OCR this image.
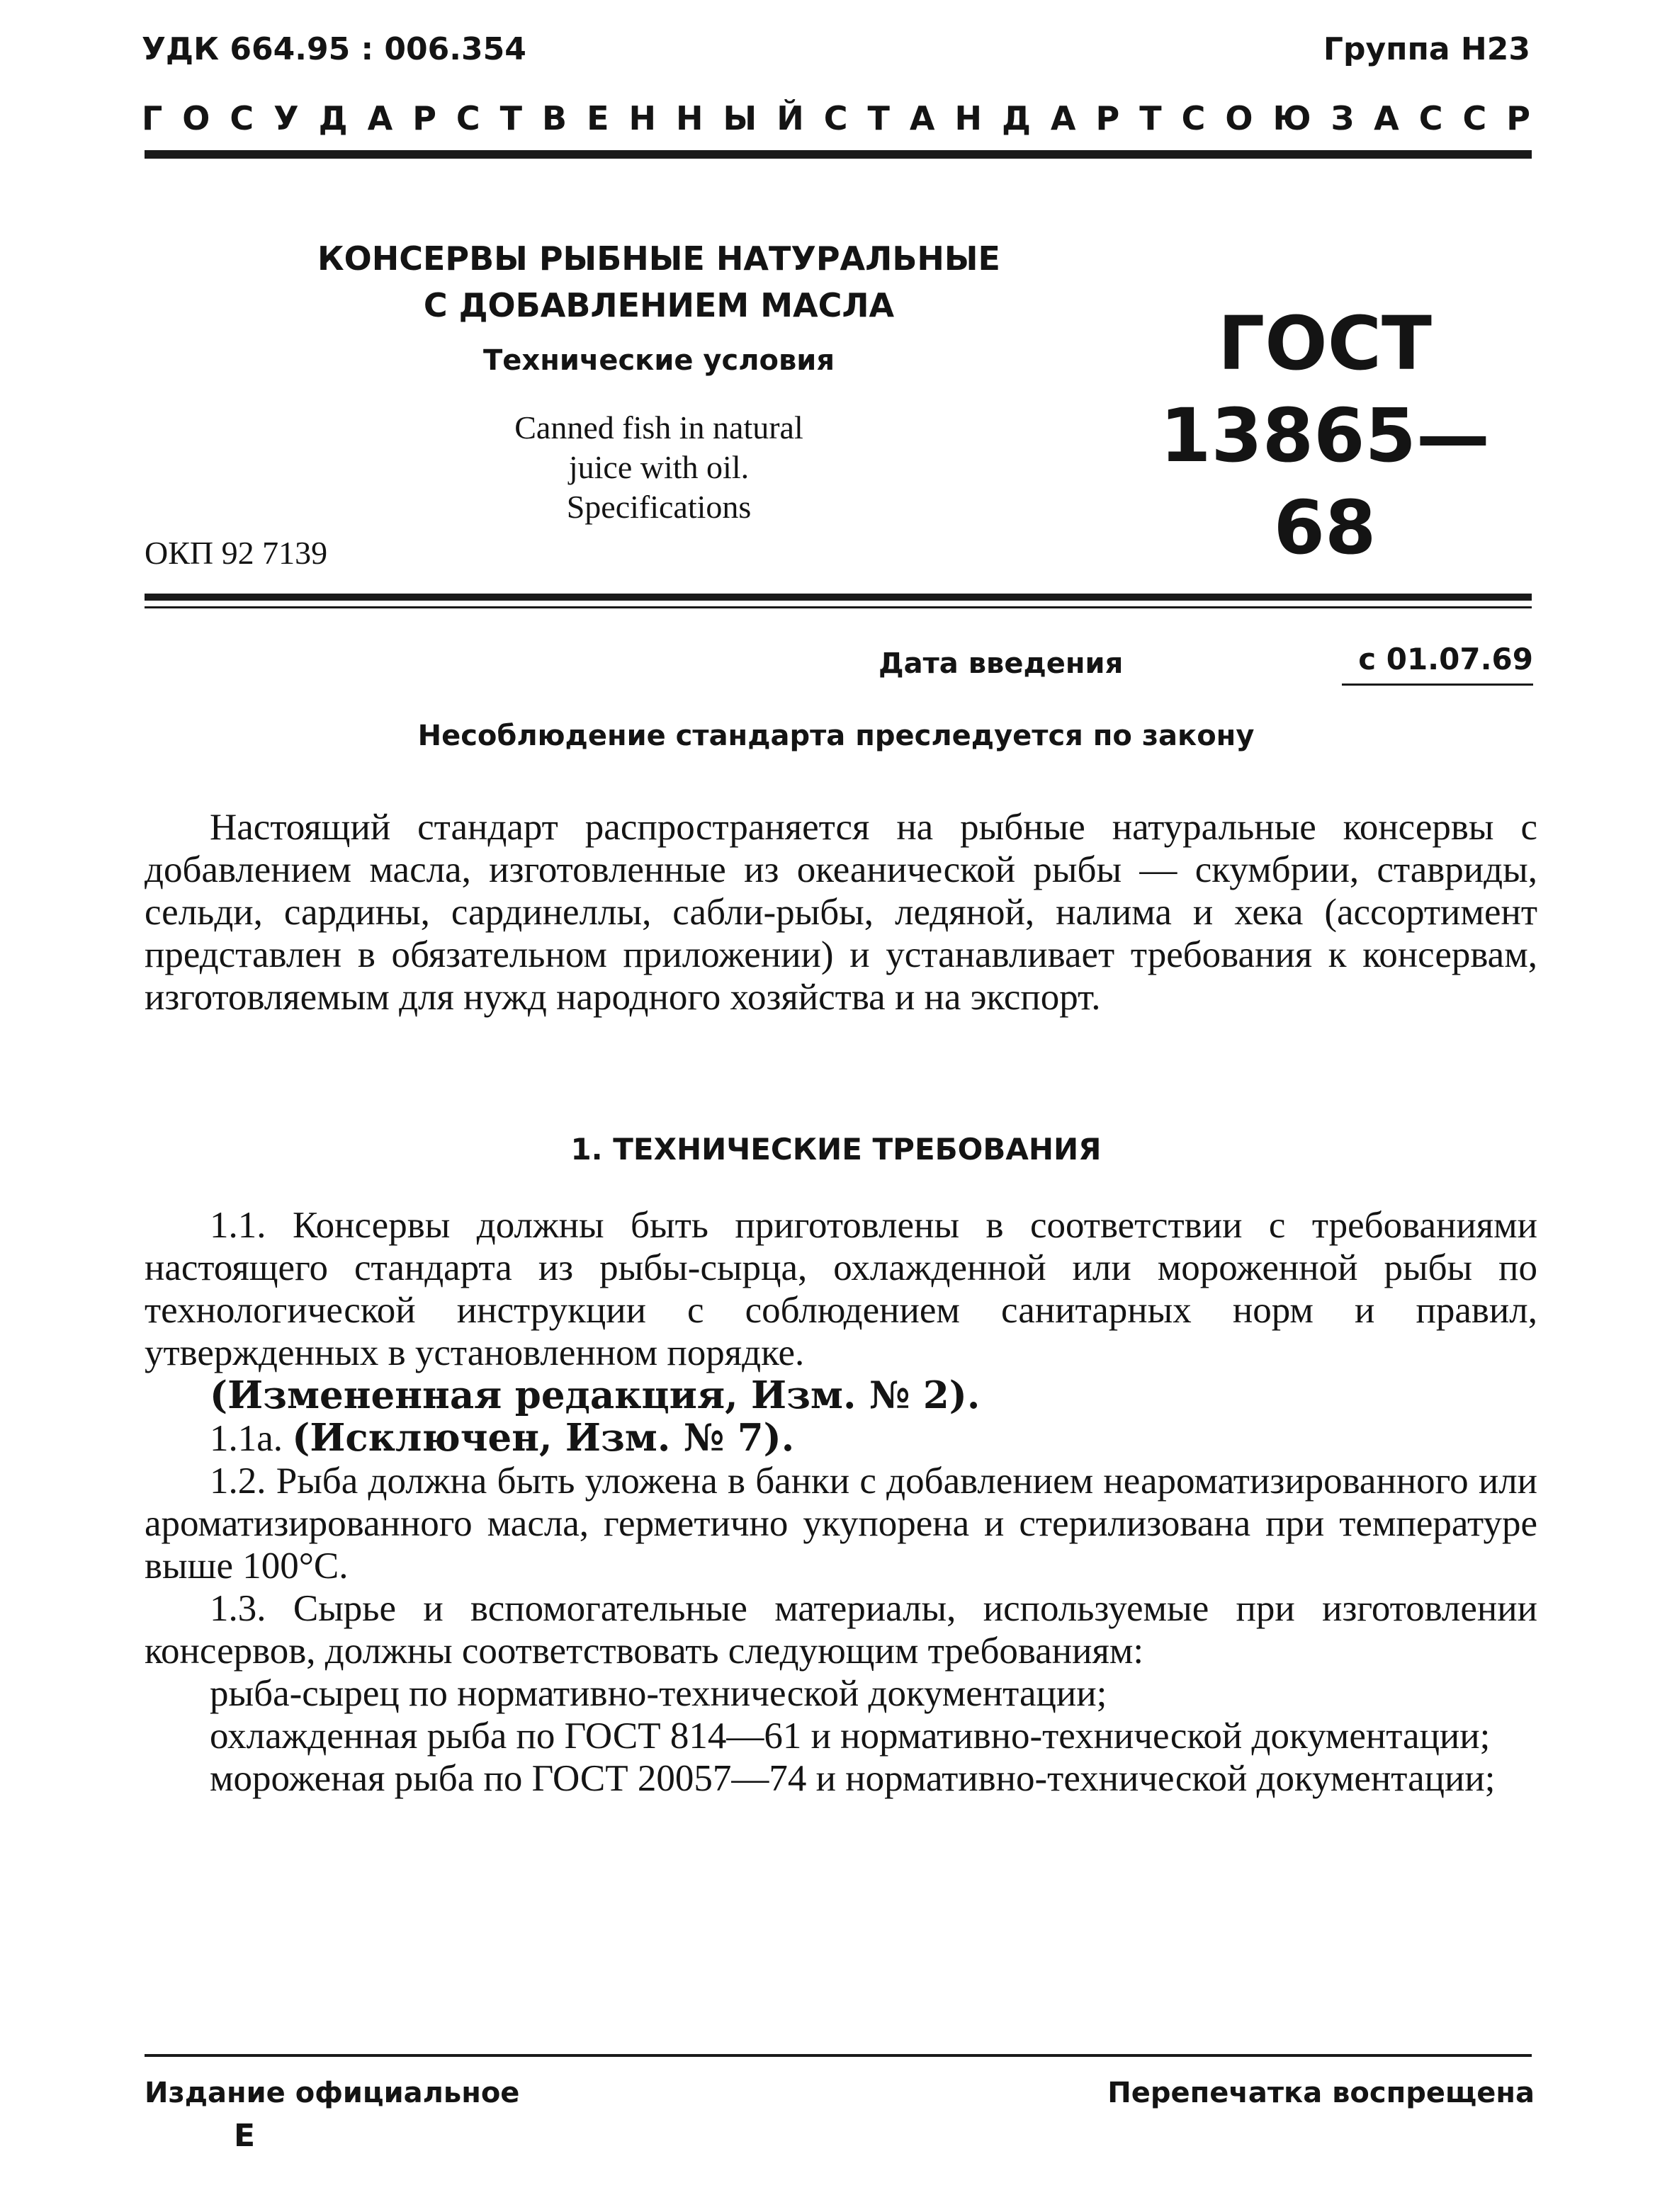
УДК 664.95 : 006.354	Группа Н23
ГОСУДАРСТВЕННЫЙ СТАНДАРТ СОЮЗА ССР
КОНСЕРВЫ РЫБНЫЕ НАТУРАЛЬНЫЕ
С ДОБАВЛЕНИЕМ МАСЛА
Технические условия
Canned fish in natural
juice with oil.
Specifications
ГОСТ
13865—68
ОКП 92 7139
Дата введения	с 01.07.69
Несоблюдение стандарта преследуется по закону

Настоящий стандарт распространяется на рыбные натуральные консервы с добавлением масла, изготовленные из океанической рыбы — скумбрии, ставриды, сельди, сардины, сардинеллы, сабли-рыбы, ледяной, налима и хека (ассортимент представлен в обязательном приложении) и устанавливает требования к консервам, изготовляемым для нужд народного хозяйства и на экспорт.

1. ТЕХНИЧЕСКИЕ ТРЕБОВАНИЯ

1.1. Консервы должны быть приготовлены в соответствии с требованиями настоящего стандарта из рыбы-сырца, охлажденной или мороженной рыбы по технологической инструкции с соблюдением санитарных норм и правил, утвержденных в установленном порядке.

(Измененная редакция, Изм. № 2).

1.1а. (Исключен, Изм. № 7).

1.2. Рыба должна быть уложена в банки с добавлением неароматизированного или ароматизированного масла, герметично укупорена и стерилизована при температуре выше 100°С.

1.3. Сырье и вспомогательные материалы, используемые при изготовлении консервов, должны соответствовать следующим требованиям:

рыба-сырец по нормативно-технической документации;

охлажденная рыба по ГОСТ 814—61 и нормативно-технической документации;

мороженая рыба по ГОСТ 20057—74 и нормативно-технической документации;

Издание официальное
Е
Перепечатка воспрещена
